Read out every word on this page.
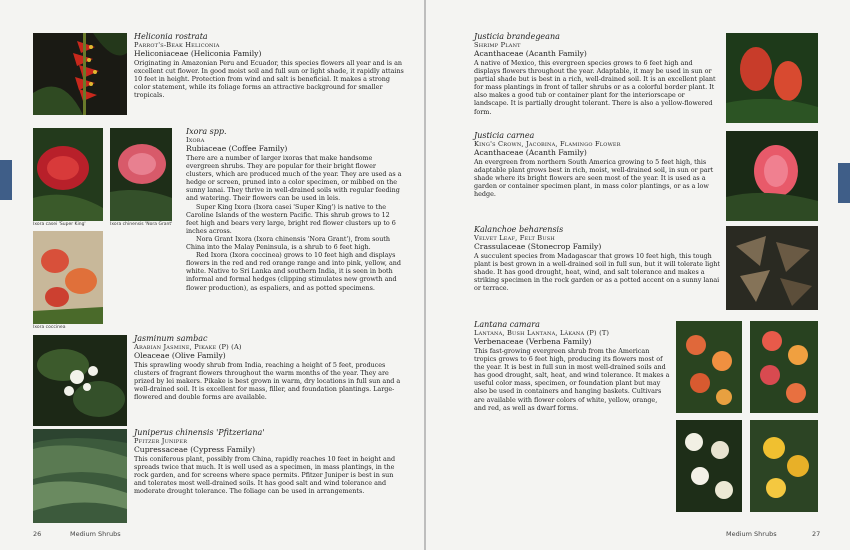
Ixora casei 'Super King'	Ixora chinensis 'Nora Grant'
Ixora coccinea
Heliconia rostrata
Parrot's-Beak Heliconia
Heliconiaceae (Heliconia Family)

Originating in Amazonian Peru and Ecuador, this species flowers all year and is an excellent cut flower. In good moist soil and full sun or light shade, it rapidly attains 10 feet in height. Protection from wind and salt is beneficial. It makes a strong color statement, while its foliage forms an attractive background for smaller tropicals.

Ixora spp.
Ixora
Rubiaceae (Coffee Family)

There are a number of larger ixoras that make handsome evergreen shrubs. They are popular for their bright flower clusters, which are produced much of the year. They are used as a hedge or screen, pruned into a color specimen, or mibbed on the sunny lanai. They thrive in well-drained soils with regular feeding and watering. Their flowers can be used in leis.

Super King Ixora (Ixora casei 'Super King') is native to the Caroline Islands of the western Pacific. This shrub grows to 12 feet high and bears very large, bright red flower clusters up to 6 inches across.

Nora Grant Ixora (Ixora chinensis 'Nora Grant'), from south China into the Malay Peninsula, is a shrub to 6 feet high.

Red Ixora (Ixora coccinea) grows to 10 feet high and displays flowers in the red and red orange range and into pink, yellow, and white. Native to Sri Lanka and southern India, it is seen in both informal and formal hedges (clipping stimulates new growth and flower production), as espaliers, and as potted specimens.

Jasminum sambac
Arabian Jasmine, Pikake (P) (A)
Oleaceae (Olive Family)

This sprawling woody shrub from India, reaching a height of 5 feet, produces clusters of fragrant flowers throughout the warm months of the year. They are prized by lei makers. Pikake is best grown in warm, dry locations in full sun and a well-drained soil. It is excellent for mass, filler, and foundation plantings. Large-flowered and double forms are available.

Juniperus chinensis 'Pfitzeriana'
Pfitzer Juniper
Cupressaceae (Cypress Family)

This coniferous plant, possibly from China, rapidly reaches 10 feet in height and spreads twice that much. It is well used as a specimen, in mass plantings, in the rock garden, and for screens where space permits. Pfitzer Juniper is best in sun and tolerates most well-drained soils. It has good salt and wind tolerance and moderate drought tolerance. The foliage can be used in arrangements.

26	Medium Shrubs
Justicia brandegeana
Shrimp Plant
Acanthaceae (Acanth Family)

A native of Mexico, this evergreen species grows to 6 feet high and displays flowers throughout the year. Adaptable, it may be used in sun or partial shade but is best in a rich, well-drained soil. It is an excellent plant for mass plantings in front of taller shrubs or as a colorful border plant. It also makes a good tub or container plant for the interiorscape or landscape. It is partially drought tolerant. There is also a yellow-flowered form.

Justicia carnea
King's Crown, Jacobina, Flamingo Flower
Acanthaceae (Acanth Family)

An evergreen from northern South America growing to 5 feet high, this adaptable plant grows best in rich, moist, well-drained soil, in sun or part shade where its bright flowers are seen most of the year. It is used as a garden or container specimen plant, in mass color plantings, or as a low hedge.

Kalanchoe beharensis
Velvet Leaf, Felt Bush
Crassulaceae (Stonecrop Family)

A succulent species from Madagascar that grows 10 feet high, this tough plant is best grown in a well-drained soil in full sun, but it will tolerate light shade. It has good drought, heat, wind, and salt tolerance and makes a striking specimen in the rock garden or as a potted accent on a sunny lanai or terrace.

Lantana camara
Lantana, Bush Lantana, Lākana (P) (T)
Verbenaceae (Verbena Family)

This fast-growing evergreen shrub from the American tropics grows to 6 feet high, producing its flowers most of the year. It is best in full sun in most well-drained soils and has good drought, salt, heat, and wind tolerance. It makes a useful color mass, specimen, or foundation plant but may also be used in containers and hanging baskets. Cultivars are available with flower colors of white, yellow, orange, and red, as well as dwarf forms.

Medium Shrubs	27
